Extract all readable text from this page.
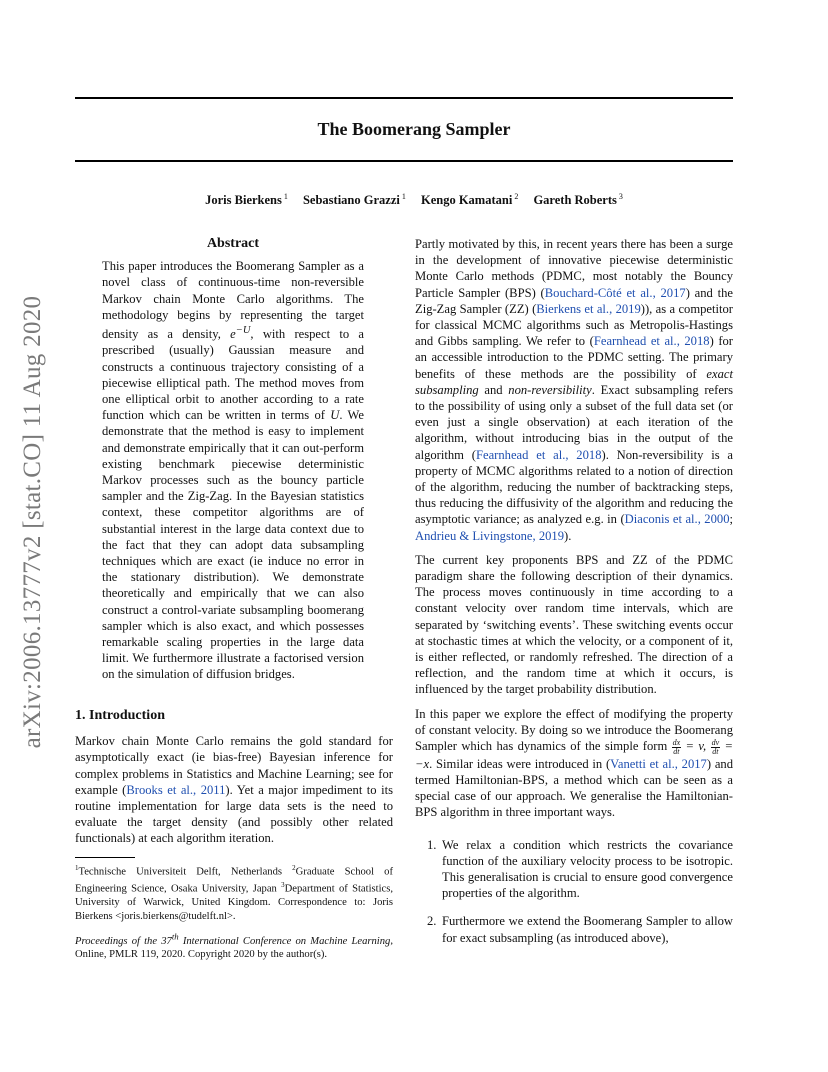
The Boomerang Sampler
Joris Bierkens $^1$ Sebastiano Grazzi $^1$ Kengo Kamatani $^2$ Gareth Roberts $^3$
arXiv:2006.13777v2 [stat.CO] 11 Aug 2020
Abstract

This paper introduces the Boomerang Sampler as a novel class of continuous-time non-reversible Markov chain Monte Carlo algorithms. The methodology begins by representing the target density as a density, $e^{-U}$, with respect to a prescribed (usually) Gaussian measure and constructs a continuous trajectory consisting of a piecewise elliptical path. The method moves from one elliptical orbit to another according to a rate function which can be written in terms of U. We demonstrate that the method is easy to implement and demonstrate empirically that it can out-perform existing benchmark piecewise deterministic Markov processes such as the bouncy particle sampler and the Zig-Zag. In the Bayesian statistics context, these competitor algorithms are of substantial interest in the large data context due to the fact that they can adopt data subsampling techniques which are exact (ie induce no error in the stationary distribution). We demonstrate theoretically and empirically that we can also construct a control-variate subsampling boomerang sampler which is also exact, and which possesses remarkable scaling properties in the large data limit. We furthermore illustrate a factorised version on the simulation of diffusion bridges.

1. Introduction

Markov chain Monte Carlo remains the gold standard for asymptotically exact (ie bias-free) Bayesian inference for complex problems in Statistics and Machine Learning; see for example (Brooks et al., 2011). Yet a major impediment to its routine implementation for large data sets is the need to evaluate the target density (and possibly other related functionals) at each algorithm iteration.

$^1$Technische Universiteit Delft, Netherlands $^2$Graduate School of Engineering Science, Osaka University, Japan $^3$Department of Statistics, University of Warwick, United Kingdom. Correspondence to: Joris Bierkens <joris.bierkens@tudelft.nl>.
Proceedings of the 37th International Conference on Machine Learning, Online, PMLR 119, 2020. Copyright 2020 by the author(s).

Partly motivated by this, in recent years there has been a surge in the development of innovative piecewise deterministic Monte Carlo methods (PDMC, most notably the Bouncy Particle Sampler (BPS) (Bouchard-Côté et al., 2017) and the Zig-Zag Sampler (ZZ) (Bierkens et al., 2019)), as a competitor for classical MCMC algorithms such as Metropolis-Hastings and Gibbs sampling. We refer to (Fearnhead et al., 2018) for an accessible introduction to the PDMC setting. The primary benefits of these methods are the possibility of exact subsampling and non-reversibility. Exact subsampling refers to the possibility of using only a subset of the full data set (or even just a single observation) at each iteration of the algorithm, without introducing bias in the output of the algorithm (Fearnhead et al., 2018). Non-reversibility is a property of MCMC algorithms related to a notion of direction of the algorithm, reducing the number of backtracking steps, thus reducing the diffusivity of the algorithm and reducing the asymptotic variance; as analyzed e.g. in (Diaconis et al., 2000; Andrieu & Livingstone, 2019).

The current key proponents BPS and ZZ of the PDMC paradigm share the following description of their dynamics. The process moves continuously in time according to a constant velocity over random time intervals, which are separated by ‘switching events’. These switching events occur at stochastic times at which the velocity, or a component of it, is either reflected, or randomly refreshed. The direction of a reflection, and the random time at which it occurs, is influenced by the target probability distribution.

In this paper we explore the effect of modifying the property of constant velocity. By doing so we introduce the Boomerang Sampler which has dynamics of the simple form $\frac{dx}{dt} = v$, $\frac{dv}{dt} = -x$. Similar ideas were introduced in (Vanetti et al., 2017) and termed Hamiltonian-BPS, a method which can be seen as a special case of our approach. We generalise the Hamiltonian-BPS algorithm in three important ways.

1. We relax a condition which restricts the covariance function of the auxiliary velocity process to be isotropic. This generalisation is crucial to ensure good convergence properties of the algorithm.
2. Furthermore we extend the Boomerang Sampler to allow for exact subsampling (as introduced above),
